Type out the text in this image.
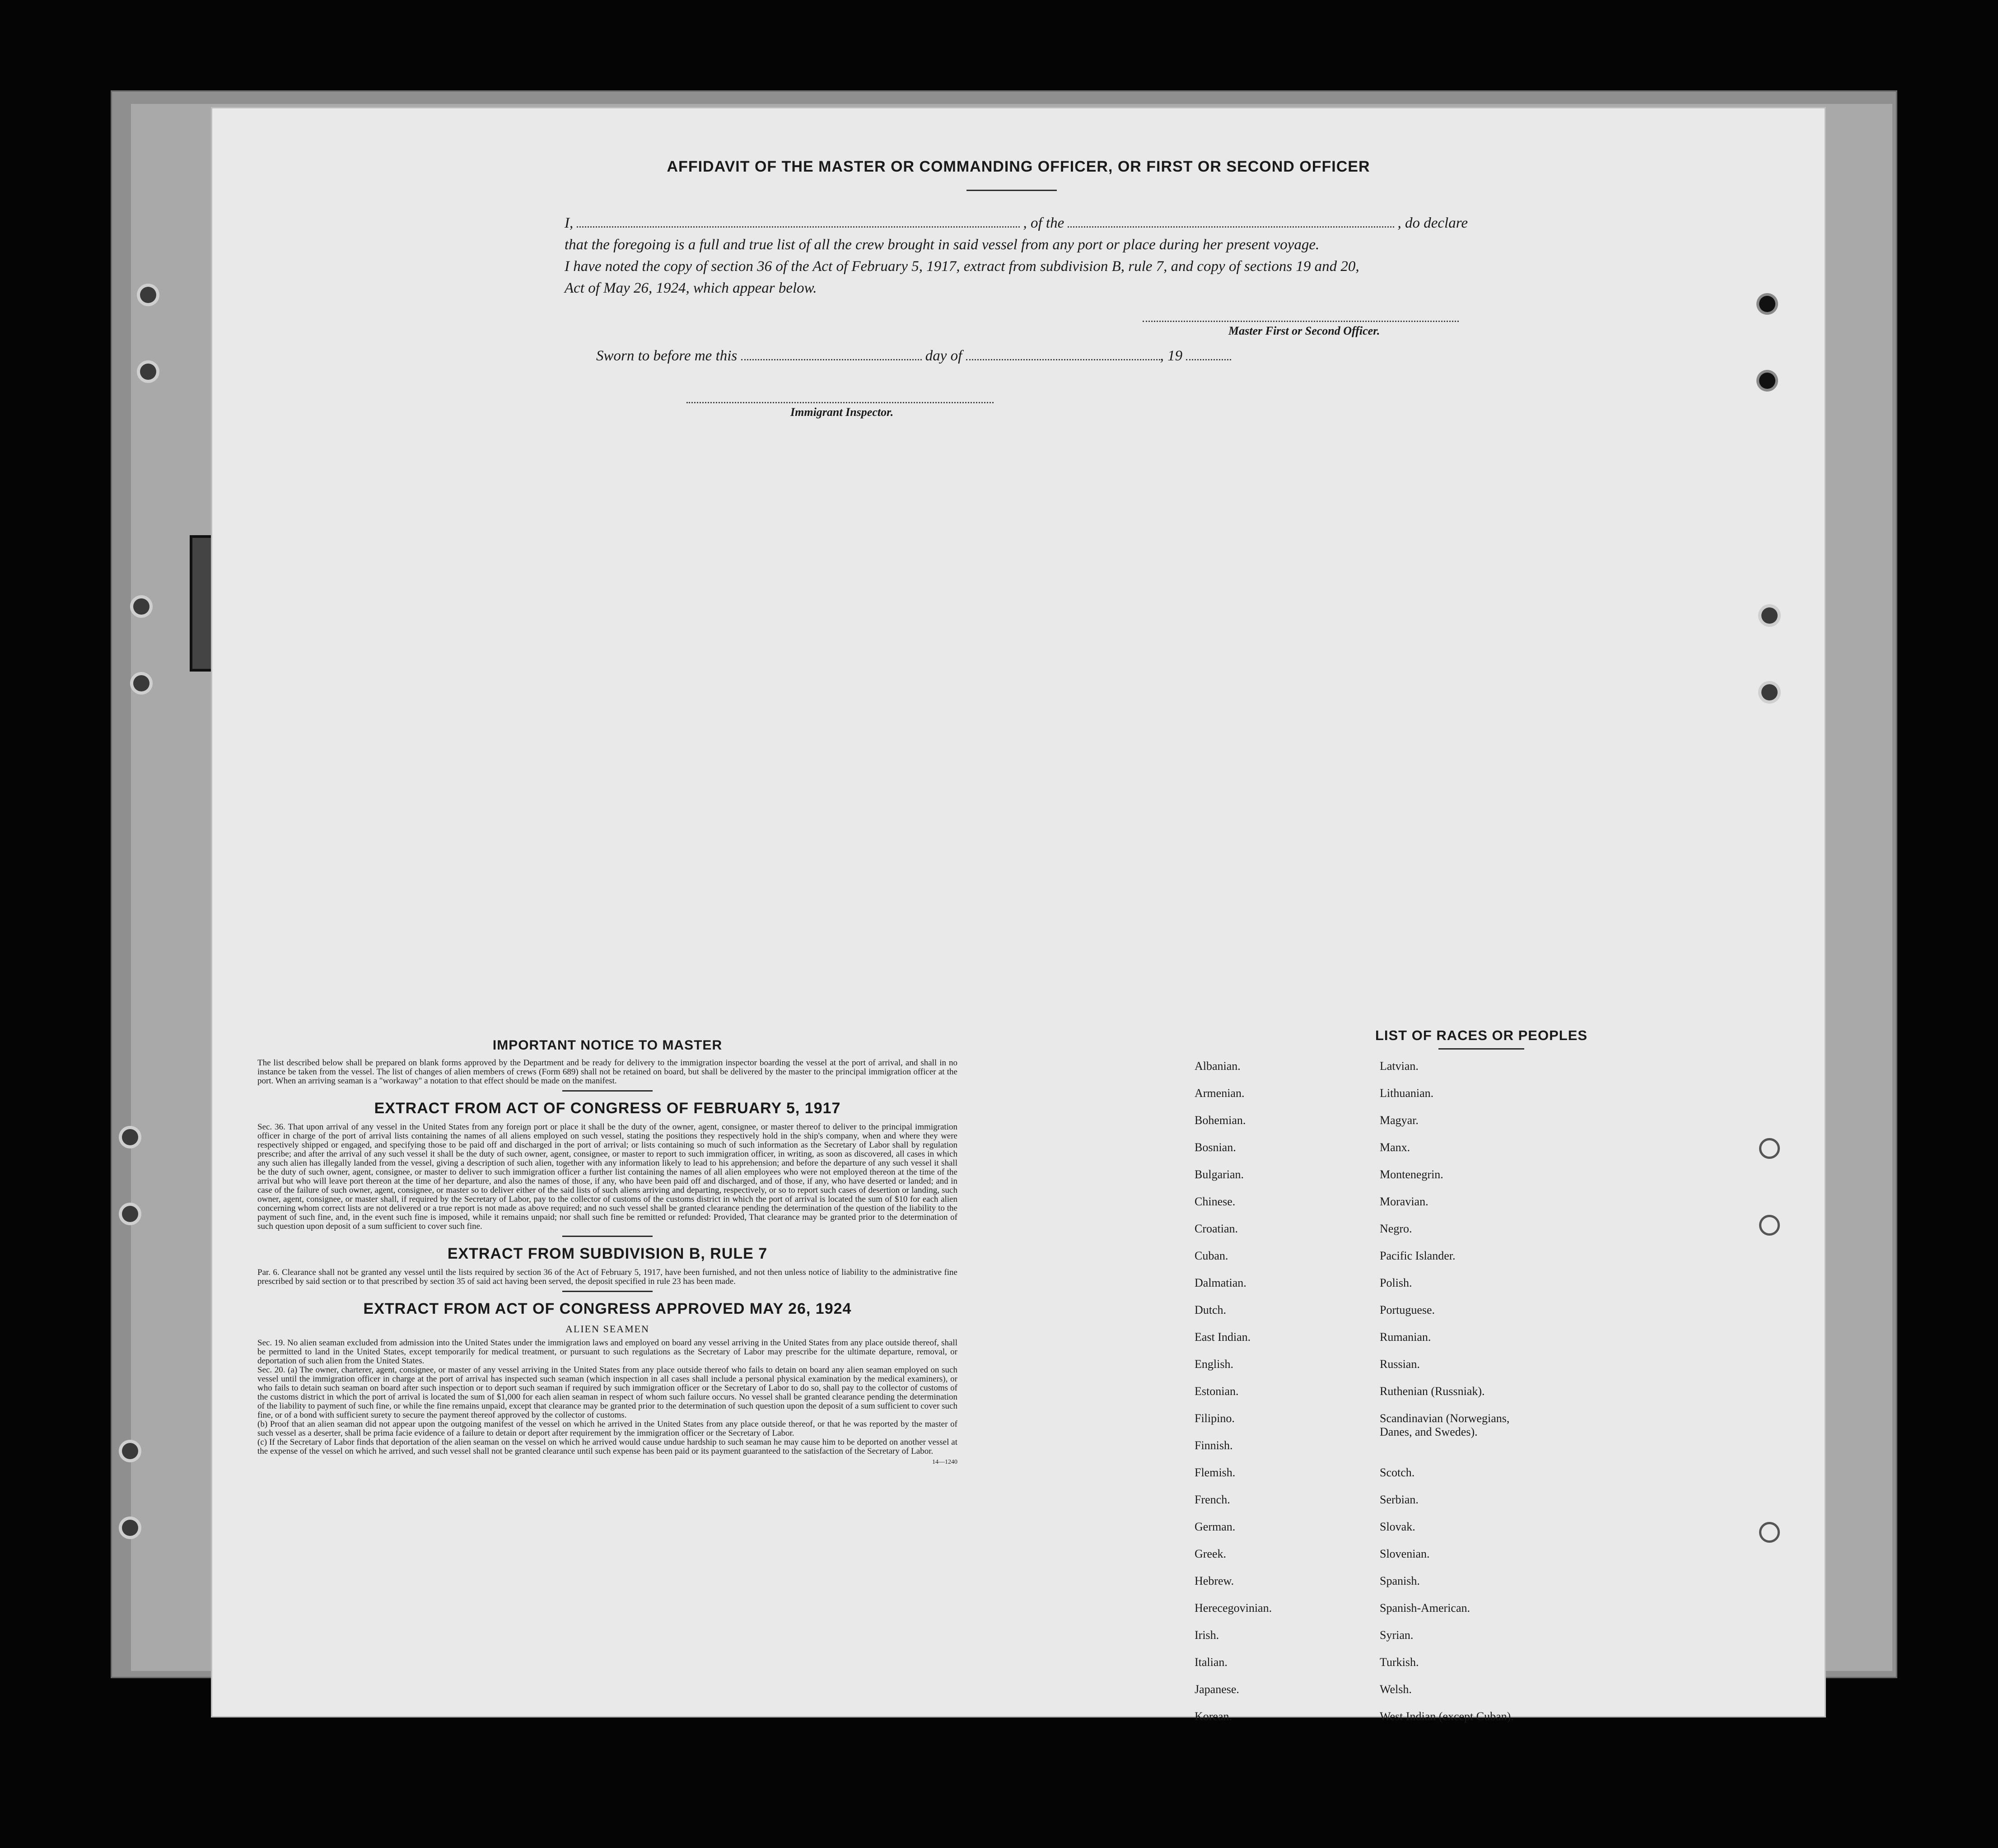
AFFIDAVIT OF THE MASTER OR COMMANDING OFFICER, OR FIRST OR SECOND OFFICER
I,	, of the	, do declare
that the foregoing is a full and true list of all the crew brought in said vessel from any port or place during her present voyage.
I have noted the copy of section 36 of the Act of February 5, 1917, extract from subdivision B, rule 7, and copy of sections 19 and 20,
Act of May 26, 1924, which appear below.
Master First or Second Officer.
Sworn to before me this	day of	, 19
Immigrant Inspector.
IMPORTANT NOTICE TO MASTER

The list described below shall be prepared on blank forms approved by the Department and be ready for delivery to the immigration inspector boarding the vessel at the port of arrival, and shall in no instance be taken from the vessel. The list of changes of alien members of crews (Form 689) shall not be retained on board, but shall be delivered by the master to the principal immigration officer at the port. When an arriving seaman is a "workaway" a notation to that effect should be made on the manifest.

EXTRACT FROM ACT OF CONGRESS OF FEBRUARY 5, 1917

Sec. 36. That upon arrival of any vessel in the United States from any foreign port or place it shall be the duty of the owner, agent, consignee, or master thereof to deliver to the principal immigration officer in charge of the port of arrival lists containing the names of all aliens employed on such vessel, stating the positions they respectively hold in the ship's company, when and where they were respectively shipped or engaged, and specifying those to be paid off and discharged in the port of arrival; or lists containing so much of such information as the Secretary of Labor shall by regulation prescribe; and after the arrival of any such vessel it shall be the duty of such owner, agent, consignee, or master to report to such immigration officer, in writing, as soon as discovered, all cases in which any such alien has illegally landed from the vessel, giving a description of such alien, together with any information likely to lead to his apprehension; and before the departure of any such vessel it shall be the duty of such owner, agent, consignee, or master to deliver to such immigration officer a further list containing the names of all alien employees who were not employed thereon at the time of the arrival but who will leave port thereon at the time of her departure, and also the names of those, if any, who have been paid off and discharged, and of those, if any, who have deserted or landed; and in case of the failure of such owner, agent, consignee, or master so to deliver either of the said lists of such aliens arriving and departing, respectively, or so to report such cases of desertion or landing, such owner, agent, consignee, or master shall, if required by the Secretary of Labor, pay to the collector of customs of the customs district in which the port of arrival is located the sum of $10 for each alien concerning whom correct lists are not delivered or a true report is not made as above required; and no such vessel shall be granted clearance pending the determination of the question of the liability to the payment of such fine, and, in the event such fine is imposed, while it remains unpaid; nor shall such fine be remitted or refunded: Provided, That clearance may be granted prior to the determination of such question upon deposit of a sum sufficient to cover such fine.

EXTRACT FROM SUBDIVISION B, RULE 7

Par. 6. Clearance shall not be granted any vessel until the lists required by section 36 of the Act of February 5, 1917, have been furnished, and not then unless notice of liability to the administrative fine prescribed by said section or to that prescribed by section 35 of said act having been served, the deposit specified in rule 23 has been made.

EXTRACT FROM ACT OF CONGRESS APPROVED MAY 26, 1924
ALIEN SEAMEN

Sec. 19. No alien seaman excluded from admission into the United States under the immigration laws and employed on board any vessel arriving in the United States from any place outside thereof, shall be permitted to land in the United States, except temporarily for medical treatment, or pursuant to such regulations as the Secretary of Labor may prescribe for the ultimate departure, removal, or deportation of such alien from the United States.

Sec. 20. (a) The owner, charterer, agent, consignee, or master of any vessel arriving in the United States from any place outside thereof who fails to detain on board any alien seaman employed on such vessel until the immigration officer in charge at the port of arrival has inspected such seaman (which inspection in all cases shall include a personal physical examination by the medical examiners), or who fails to detain such seaman on board after such inspection or to deport such seaman if required by such immigration officer or the Secretary of Labor to do so, shall pay to the collector of customs of the customs district in which the port of arrival is located the sum of $1,000 for each alien seaman in respect of whom such failure occurs. No vessel shall be granted clearance pending the determination of the liability to payment of such fine, or while the fine remains unpaid, except that clearance may be granted prior to the determination of such question upon the deposit of a sum sufficient to cover such fine, or of a bond with sufficient surety to secure the payment thereof approved by the collector of customs.

(b) Proof that an alien seaman did not appear upon the outgoing manifest of the vessel on which he arrived in the United States from any place outside thereof, or that he was reported by the master of such vessel as a deserter, shall be prima facie evidence of a failure to detain or deport after requirement by the immigration officer or the Secretary of Labor.

(c) If the Secretary of Labor finds that deportation of the alien seaman on the vessel on which he arrived would cause undue hardship to such seaman he may cause him to be deported on another vessel at the expense of the vessel on which he arrived, and such vessel shall not be granted clearance until such expense has been paid or its payment guaranteed to the satisfaction of the Secretary of Labor.

14—1240
LIST OF RACES OR PEOPLES
Albanian.	Latvian.
Armenian.	Lithuanian.
Bohemian.	Magyar.
Bosnian.	Manx.
Bulgarian.	Montenegrin.
Chinese.	Moravian.
Croatian.	Negro.
Cuban.	Pacific Islander.
Dalmatian.	Polish.
Dutch.	Portuguese.
East Indian.	Rumanian.
English.	Russian.
Estonian.	Ruthenian (Russniak).
Filipino.	Scandinavian (Norwegians,
Danes, and Swedes).
Finnish.
Flemish.	Scotch.
French.	Serbian.
German.	Slovak.
Greek.	Slovenian.
Hebrew.	Spanish.
Herecegovinian.	Spanish-American.
Irish.	Syrian.
Italian.	Turkish.
Japanese.	Welsh.
Korean.	West Indian (except Cuban).
